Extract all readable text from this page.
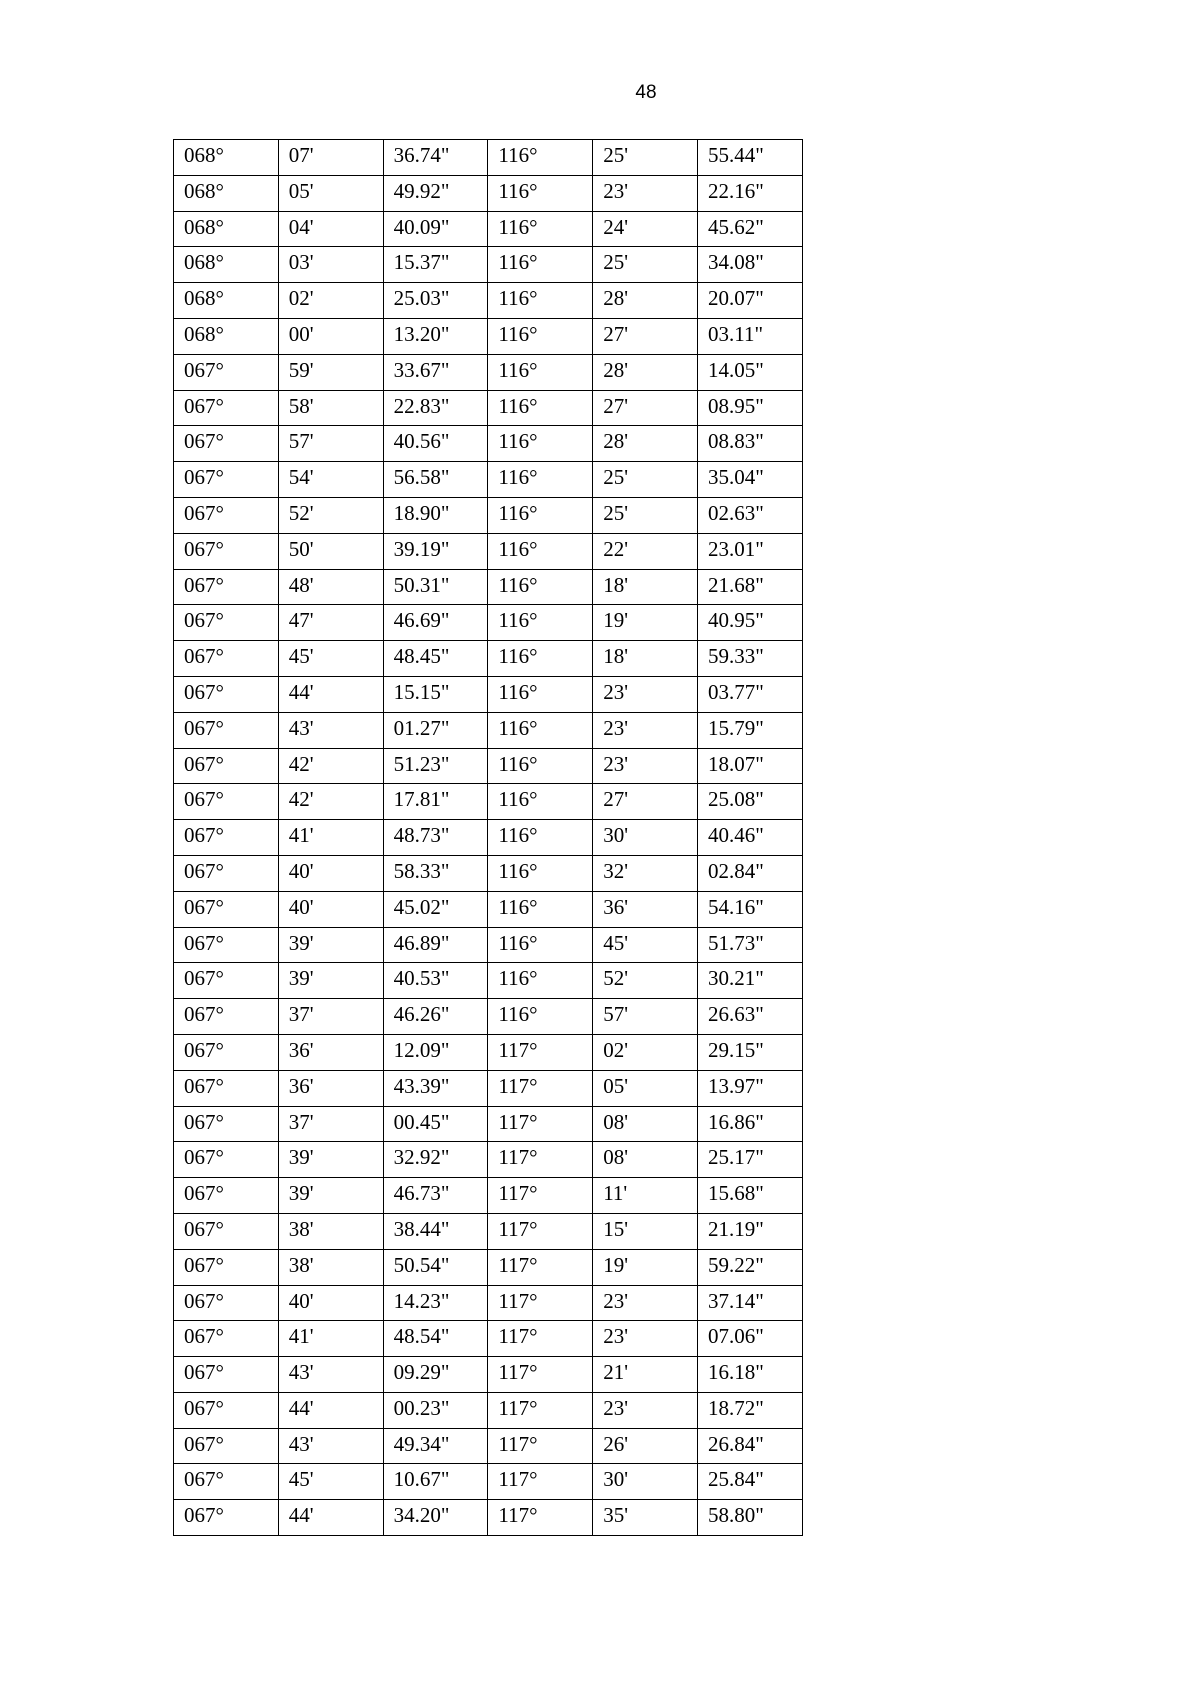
48
068°	07'	36.74"	116°	25'	55.44"
068°	05'	49.92"	116°	23'	22.16"
068°	04'	40.09"	116°	24'	45.62"
068°	03'	15.37"	116°	25'	34.08"
068°	02'	25.03"	116°	28'	20.07"
068°	00'	13.20"	116°	27'	03.11"
067°	59'	33.67"	116°	28'	14.05"
067°	58'	22.83"	116°	27'	08.95"
067°	57'	40.56"	116°	28'	08.83"
067°	54'	56.58"	116°	25'	35.04"
067°	52'	18.90"	116°	25'	02.63"
067°	50'	39.19"	116°	22'	23.01"
067°	48'	50.31"	116°	18'	21.68"
067°	47'	46.69"	116°	19'	40.95"
067°	45'	48.45"	116°	18'	59.33"
067°	44'	15.15"	116°	23'	03.77"
067°	43'	01.27"	116°	23'	15.79"
067°	42'	51.23"	116°	23'	18.07"
067°	42'	17.81"	116°	27'	25.08"
067°	41'	48.73"	116°	30'	40.46"
067°	40'	58.33"	116°	32'	02.84"
067°	40'	45.02"	116°	36'	54.16"
067°	39'	46.89"	116°	45'	51.73"
067°	39'	40.53"	116°	52'	30.21"
067°	37'	46.26"	116°	57'	26.63"
067°	36'	12.09"	117°	02'	29.15"
067°	36'	43.39"	117°	05'	13.97"
067°	37'	00.45"	117°	08'	16.86"
067°	39'	32.92"	117°	08'	25.17"
067°	39'	46.73"	117°	11'	15.68"
067°	38'	38.44"	117°	15'	21.19"
067°	38'	50.54"	117°	19'	59.22"
067°	40'	14.23"	117°	23'	37.14"
067°	41'	48.54"	117°	23'	07.06"
067°	43'	09.29"	117°	21'	16.18"
067°	44'	00.23"	117°	23'	18.72"
067°	43'	49.34"	117°	26'	26.84"
067°	45'	10.67"	117°	30'	25.84"
067°	44'	34.20"	117°	35'	58.80"
